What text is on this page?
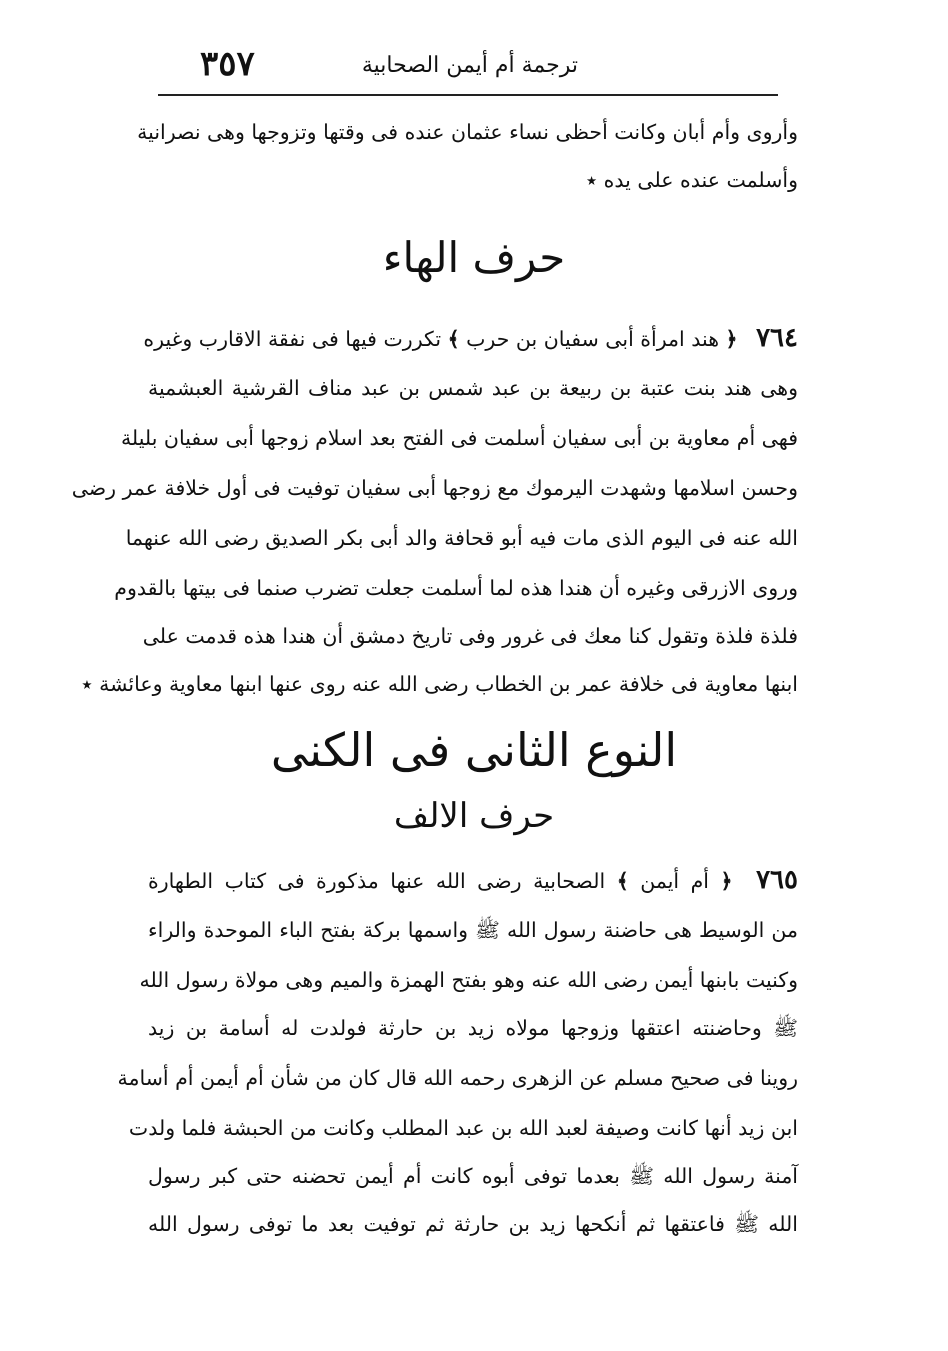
٣٥٧	ترجمة أم أيمن الصحابية
وأروى وأم أبان وكانت أحظى نساء عثمان عنده فى وقتها وتزوجها وهى نصرانية
وأسلمت عنده على يده ٭
حرف الهاء
٧٦٤ ﴿ هند امرأة أبى سفيان بن حرب ﴾ تكررت فيها فى نفقة الاقارب وغيره
وهى هند بنت عتبة بن ربيعة بن عبد شمس بن عبد مناف القرشية العبشمية
فهى أم معاوية بن أبى سفيان أسلمت فى الفتح بعد اسلام زوجها أبى سفيان بليلة
وحسن اسلامها وشهدت اليرموك مع زوجها أبى سفيان توفيت فى أول خلافة عمر رضى
الله عنه فى اليوم الذى مات فيه أبو قحافة والد أبى بكر الصديق رضى الله عنهما
وروى الازرقى وغيره أن هندا هذه لما أسلمت جعلت تضرب صنما فى بيتها بالقدوم
فلذة فلذة وتقول كنا معك فى غرور وفى تاريخ دمشق أن هندا هذه قدمت على
ابنها معاوية فى خلافة عمر بن الخطاب رضى الله عنه روى عنها ابنها معاوية وعائشة ٭
النوع الثانى فى الكنى
حرف الالف
٧٦٥ ﴿ أم أيمن ﴾ الصحابية رضى الله عنها مذكورة فى كتاب الطهارة
من الوسيط هى حاضنة رسول الله ﷺ واسمها بركة بفتح الباء الموحدة والراء
وكنيت بابنها أيمن رضى الله عنه وهو بفتح الهمزة والميم وهى مولاة رسول الله
ﷺ وحاضنته اعتقها وزوجها مولاه زيد بن حارثة فولدت له أسامة بن زيد
روينا فى صحيح مسلم عن الزهرى رحمه الله قال كان من شأن أم أيمن أم أسامة
ابن زيد أنها كانت وصيفة لعبد الله بن عبد المطلب وكانت من الحبشة فلما ولدت
آمنة رسول الله ﷺ بعدما توفى أبوه كانت أم أيمن تحضنه حتى كبر رسول
الله ﷺ فاعتقها ثم أنكحها زيد بن حارثة ثم توفيت بعد ما توفى رسول الله
